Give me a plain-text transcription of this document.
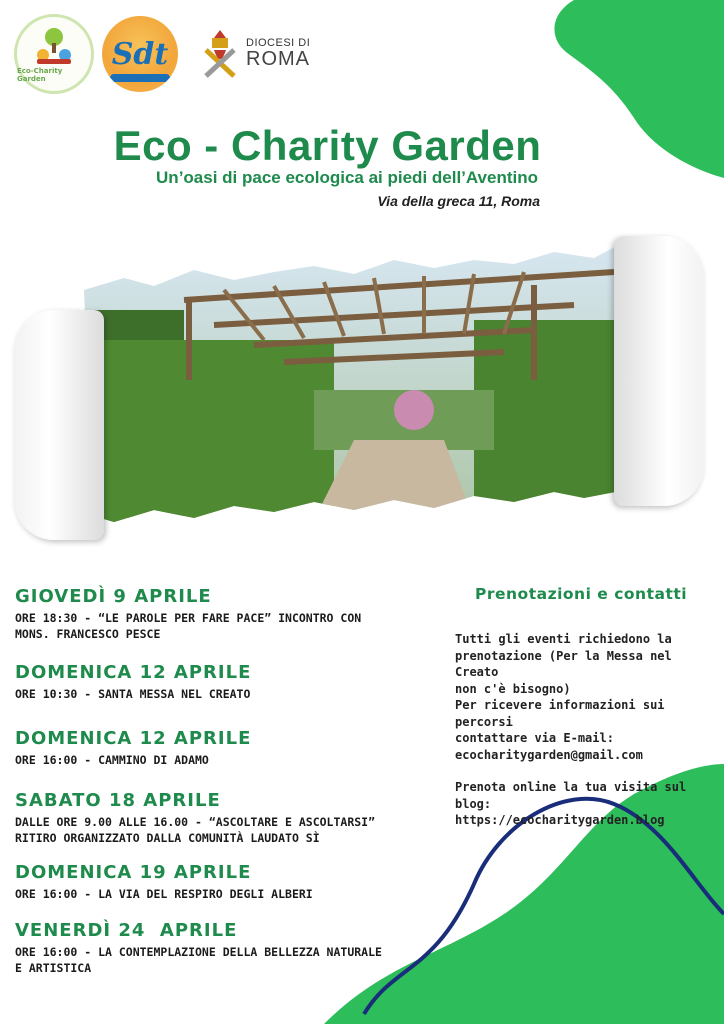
Eco-Charity Garden
Sdt	DIOCESI DI
ROMA
Eco - Charity Garden
Un’oasi di pace ecologica ai piedi dell’Aventino
Via della greca 11, Roma
GIOVEDÌ 9 APRILE
ORE 18:30 - “LE PAROLE PER FARE PACE” INCONTRO CON
MONS. FRANCESCO PESCE
DOMENICA 12 APRILE
ORE 10:30 - SANTA MESSA NEL CREATO
DOMENICA 12 APRILE
ORE 16:00 - CAMMINO DI ADAMO
SABATO 18 APRILE
DALLE ORE 9.00 ALLE 16.00 - “ASCOLTARE E ASCOLTARSI”
RITIRO ORGANIZZATO DALLA COMUNITÀ LAUDATO SÌ
DOMENICA 19 APRILE
ORE 16:00 - LA VIA DEL RESPIRO DEGLI ALBERI
VENERDÌ 24  APRILE
ORE 16:00 - LA CONTEMPLAZIONE DELLA BELLEZZA NATURALE
E ARTISTICA
Prenotazioni e contatti

Tutti gli eventi richiedono la

prenotazione (Per la Messa nel Creato

non c'è bisogno)

Per ricevere informazioni sui percorsi

contattare via E-mail:

ecocharitygarden@gmail.com

Prenota online la tua visita sul blog:

https://ecocharitygarden.blog
